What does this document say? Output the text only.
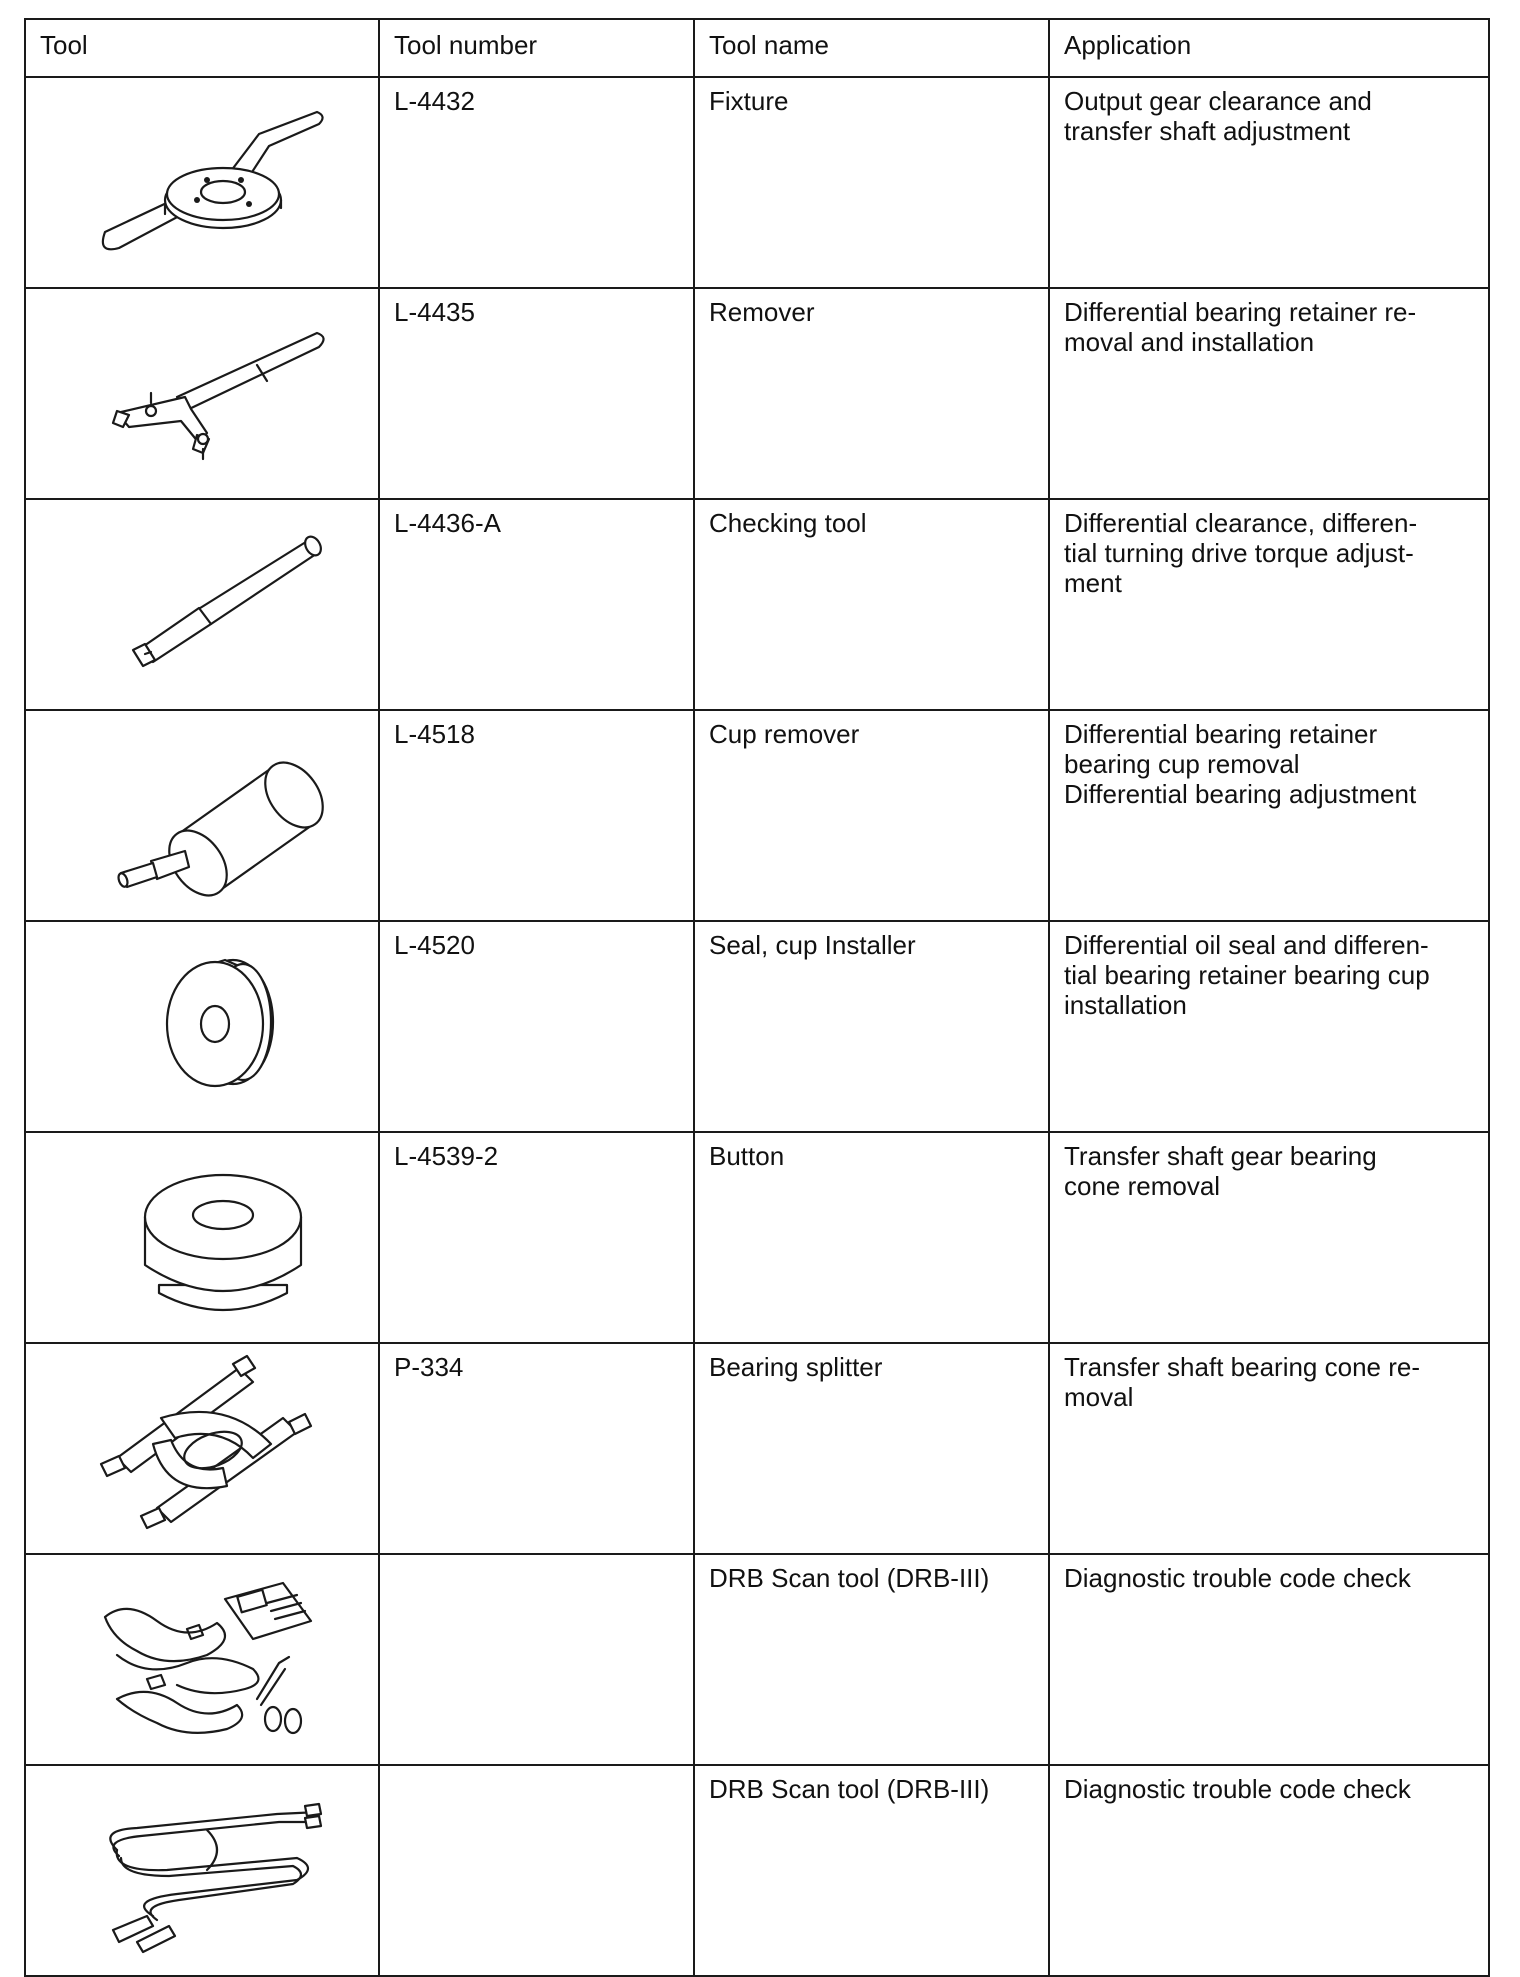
Tool	Tool number	Tool name	Application

	L-4432	Fixture	Output gear clearance and
transfer shaft adjustment

	L-4435	Remover	Differential bearing retainer re-
moval and installation

	L-4436-A	Checking tool	Differential clearance, differen-
tial turning drive torque adjust-
ment

	L-4518	Cup remover	Differential bearing retainer
bearing cup removal
Differential bearing adjustment

	L-4520	Seal, cup Installer	Differential oil seal and differen-
tial bearing retainer bearing cup
installation

	L-4539-2	Button	Transfer shaft gear bearing
cone removal

	P-334	Bearing splitter	Transfer shaft bearing cone re-
moval

		DRB Scan tool (DRB-III)	Diagnostic trouble code check

		DRB Scan tool (DRB-III)	Diagnostic trouble code check
